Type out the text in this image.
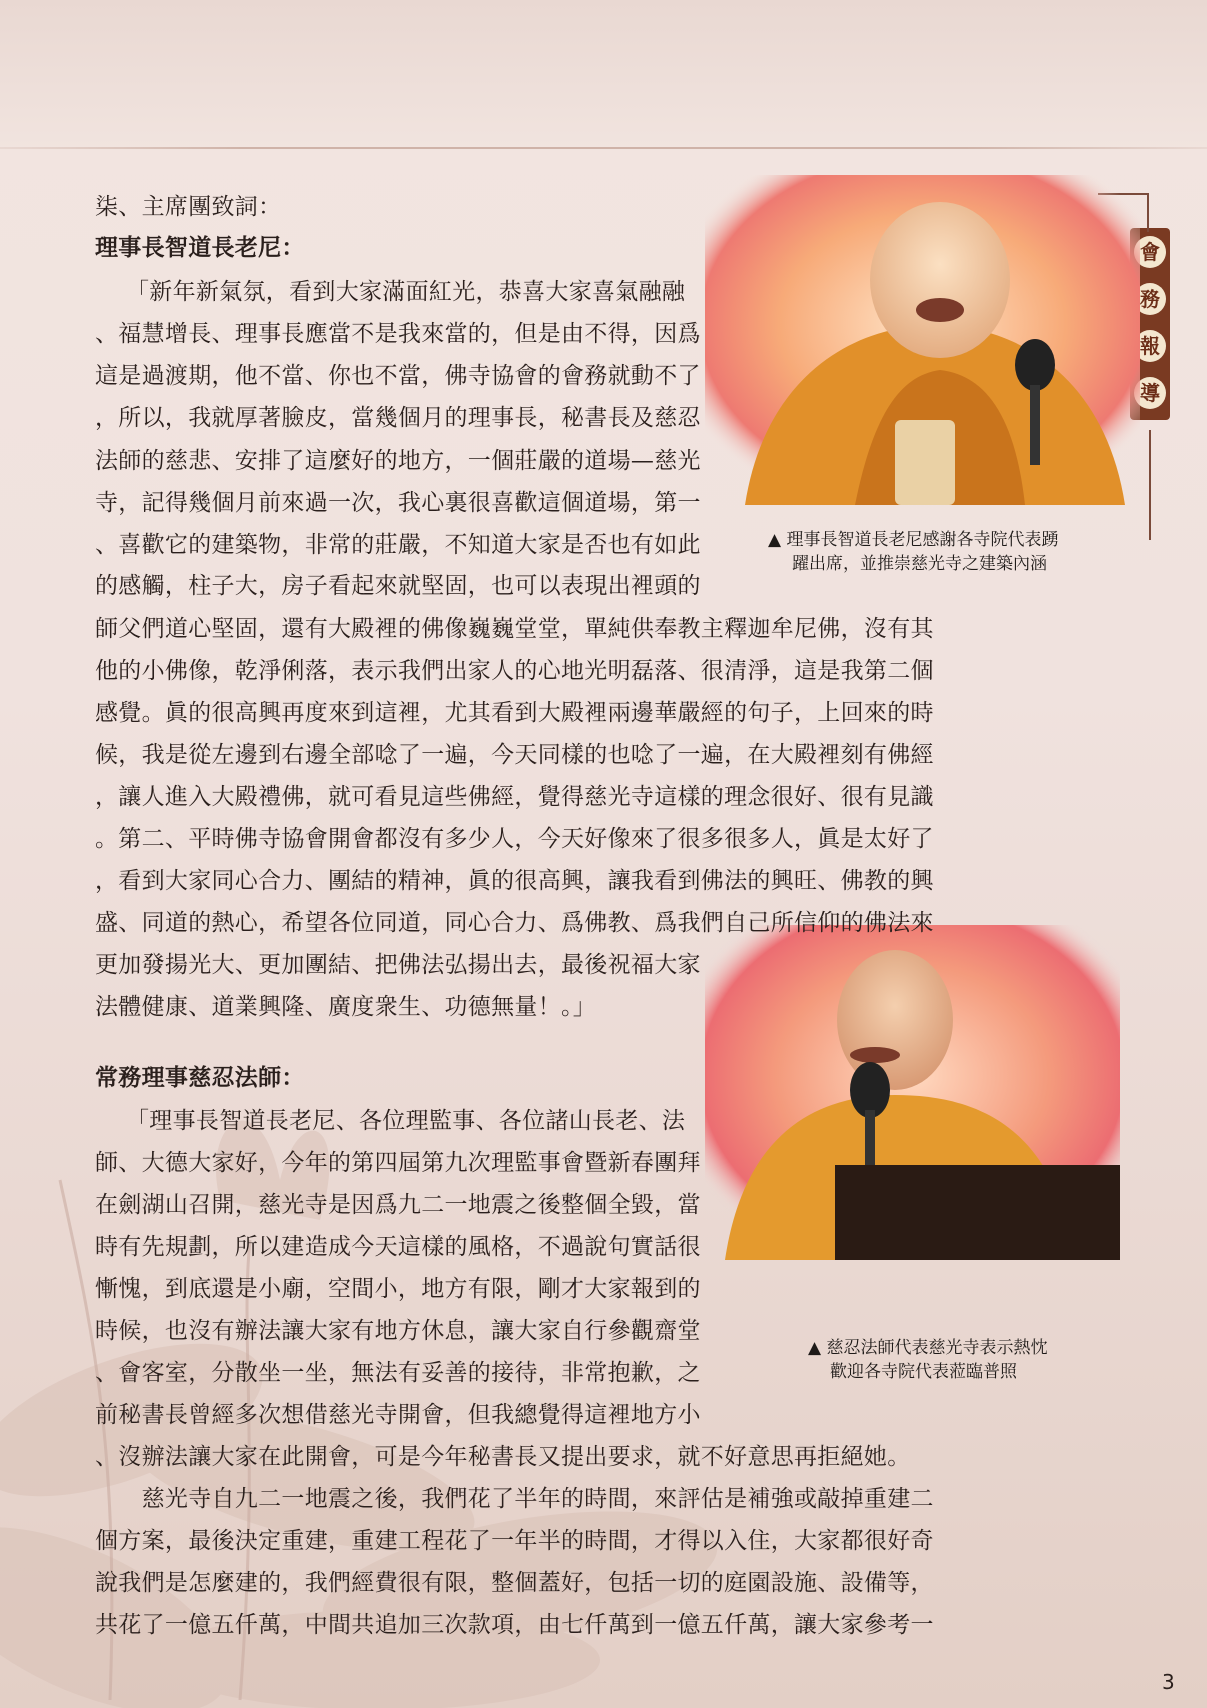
會
務
報
導
▲ 理事長智道長老尼感謝各寺院代表踴
躍出席，並推崇慈光寺之建築內涵
▲ 慈忍法師代表慈光寺表示熱忱
歡迎各寺院代表蒞臨普照
柒、主席團致詞：
理事長智道長老尼：
「新年新氣氛，看到大家滿面紅光，恭喜大家喜氣融融
、福慧增長、理事長應當不是我來當的，但是由不得，因爲
這是過渡期，他不當、你也不當，佛寺協會的會務就動不了
，所以，我就厚著臉皮，當幾個月的理事長，秘書長及慈忍
法師的慈悲、安排了這麼好的地方，一個莊嚴的道場—慈光
寺，記得幾個月前來過一次，我心裏很喜歡這個道場，第一
、喜歡它的建築物，非常的莊嚴，不知道大家是否也有如此
的感觸，柱子大，房子看起來就堅固，也可以表現出裡頭的
師父們道心堅固，還有大殿裡的佛像巍巍堂堂，單純供奉教主釋迦牟尼佛，沒有其
他的小佛像，乾淨俐落，表示我們出家人的心地光明磊落、很清淨，這是我第二個
感覺。眞的很高興再度來到這裡，尤其看到大殿裡兩邊華嚴經的句子，上回來的時
候，我是從左邊到右邊全部唸了一遍，今天同樣的也唸了一遍，在大殿裡刻有佛經
，讓人進入大殿禮佛，就可看見這些佛經，覺得慈光寺這樣的理念很好、很有見識
。第二、平時佛寺協會開會都沒有多少人，今天好像來了很多很多人，眞是太好了
，看到大家同心合力、團結的精神，眞的很高興，讓我看到佛法的興旺、佛教的興
盛、同道的熱心，希望各位同道，同心合力、爲佛教、爲我們自己所信仰的佛法來
更加發揚光大、更加團結、把佛法弘揚出去，最後祝福大家
法體健康、道業興隆、廣度衆生、功德無量！。」
常務理事慈忍法師：
「理事長智道長老尼、各位理監事、各位諸山長老、法
師、大德大家好，今年的第四屆第九次理監事會暨新春團拜
在劍湖山召開，慈光寺是因爲九二一地震之後整個全毀，當
時有先規劃，所以建造成今天這樣的風格，不過說句實話很
慚愧，到底還是小廟，空間小，地方有限，剛才大家報到的
時候，也沒有辦法讓大家有地方休息，讓大家自行參觀齋堂
、會客室，分散坐一坐，無法有妥善的接待，非常抱歉，之
前秘書長曾經多次想借慈光寺開會，但我總覺得這裡地方小
、沒辦法讓大家在此開會，可是今年秘書長又提出要求，就不好意思再拒絕她。
　　慈光寺自九二一地震之後，我們花了半年的時間，來評估是補強或敲掉重建二
個方案，最後決定重建，重建工程花了一年半的時間，才得以入住，大家都很好奇
說我們是怎麼建的，我們經費很有限，整個蓋好，包括一切的庭園設施、設備等，
共花了一億五仟萬，中間共追加三次款項，由七仟萬到一億五仟萬，讓大家參考一
3
